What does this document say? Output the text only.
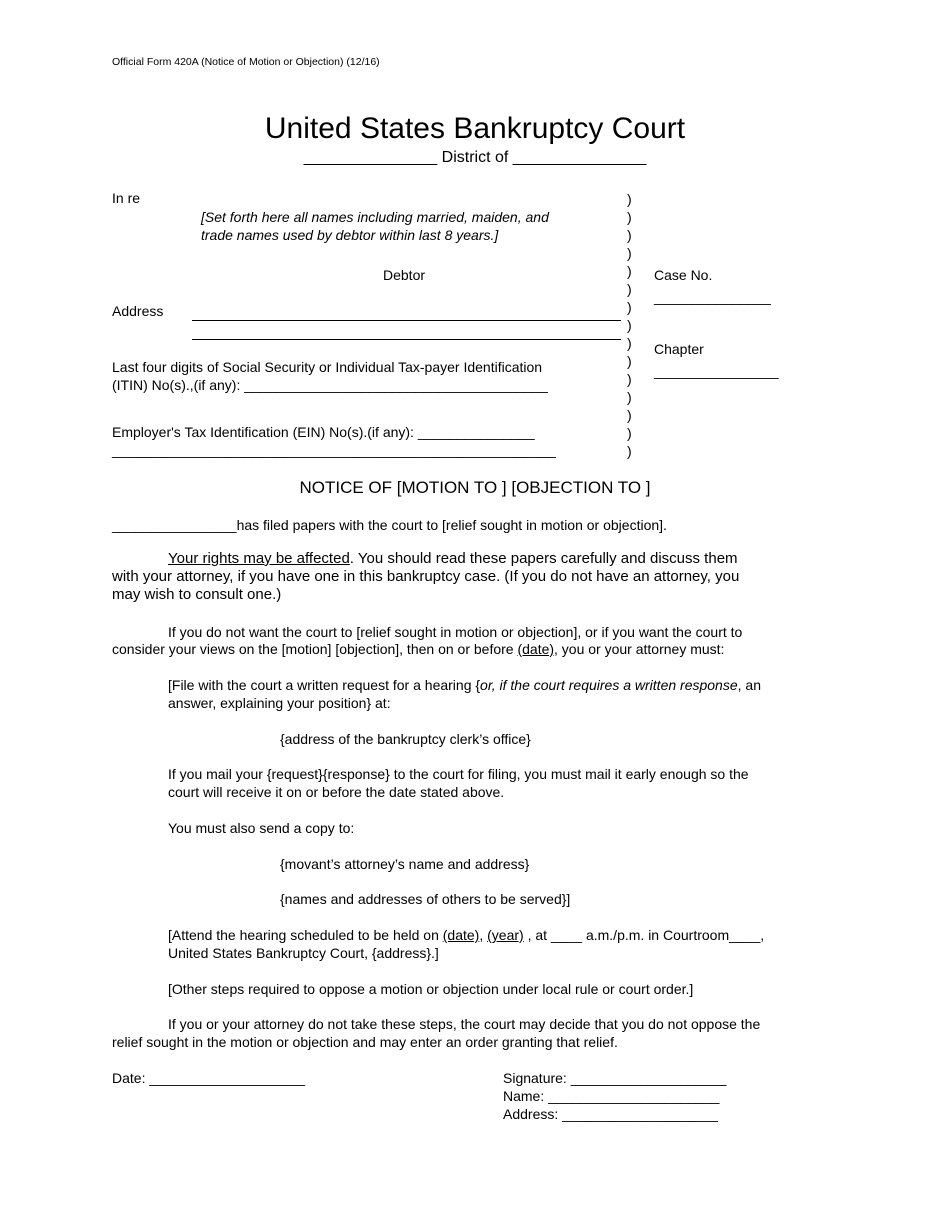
Official Form 420A (Notice of Motion or Objection) (12/16)
United States Bankruptcy Court
_______________ District of _______________
In re
[Set forth here all names including married, maiden, and
trade names used by debtor within last 8 years.]
Debtor
Address
Last four digits of Social Security or Individual Tax-payer Identification
(ITIN) No(s).,(if any): _______________________________________
Employer's Tax Identification (EIN) No(s).(if any): _______________
_________________________________________________________
)
)
)
)
)
)
)
)
)
)
)
)
)
)
)
Case No.
_______________
Chapter
________________
NOTICE OF [MOTION TO ] [OBJECTION TO ]
________________has filed papers with the court to [relief sought in motion or objection].
Your rights may be affected. You should read these papers carefully and discuss them
with your attorney, if you have one in this bankruptcy case. (If you do not have an attorney, you
may wish to consult one.)
If you do not want the court to [relief sought in motion or objection], or if you want the court to
consider your views on the [motion] [objection], then on or before (date), you or your attorney must:
[File with the court a written request for a hearing {or, if the court requires a written response, an
answer, explaining your position} at:
{address of the bankruptcy clerk’s office}
If you mail your {request}{response} to the court for filing, you must mail it early enough so the
court will receive it on or before the date stated above.
You must also send a copy to:
{movant’s attorney’s name and address}
{names and addresses of others to be served}]
[Attend the hearing scheduled to be held on (date), (year) , at ____ a.m./p.m. in Courtroom____,
United States Bankruptcy Court, {address}.]
[Other steps required to oppose a motion or objection under local rule or court order.]
If you or your attorney do not take these steps, the court may decide that you do not oppose the
relief sought in the motion or objection and may enter an order granting that relief.
Date: ____________________	Signature: ____________________
Name: ______________________
Address: ____________________
